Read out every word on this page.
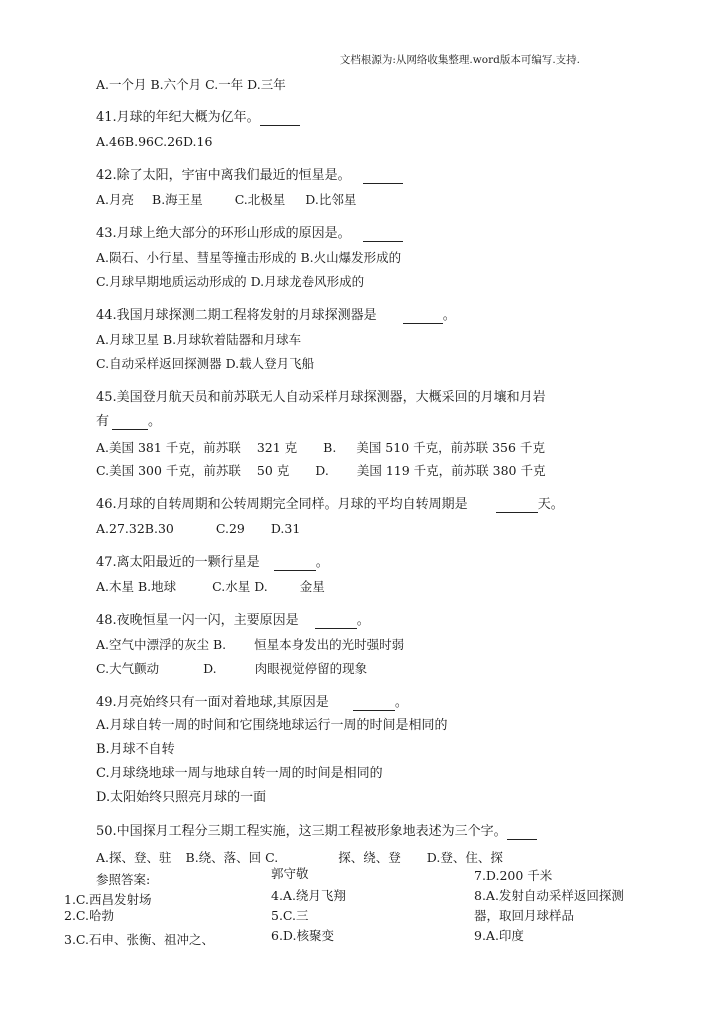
文档根源为:从网络收集整理.word版本可编写.支持.
A.一个月 B.六个月 C.一年 D.三年
41.月球的年纪大概为亿年。
A.46B.96C.26D.16
42.除了太阳，宇宙中离我们最近的恒星是。
A.月亮 B.海王星	C.北极星 D.比邻星
43.月球上绝大部分的环形山形成的原因是。
A.陨石、小行星、彗星等撞击形成的 B.火山爆发形成的
C.月球早期地质运动形成的 D.月球龙卷风形成的
44.我国月球探测二期工程将发射的月球探测器是	。
A.月球卫星 B.月球软着陆器和月球车
C.自动采样返回探测器 D.载人登月飞船
45.美国登月航天员和前苏联无人自动采样月球探测器，大概采回的月壤和月岩
有	。
A.美国 381 千克，前苏联 321 克 B. 美国 510 千克，前苏联 356 千克
C.美国 300 千克，前苏联 50 克 D. 美国 119 千克，前苏联 380 千克
46.月球的自转周期和公转周期完全同样。月球的平均自转周期是	天。
A.27.32B.30	C.29 D.31
47.离太阳最近的一颗行星是	。
A.木星 B.地球	C.水星 D.	金星
48.夜晚恒星一闪一闪，主要原因是	。
A.空气中漂浮的灰尘 B. 恒星本身发出的光时强时弱
C.大气颤动	D.	肉眼视觉停留的现象
49.月亮始终只有一面对着地球,其原因是	。
A.月球自转一周的时间和它围绕地球运行一周的时间是相同的
B.月球不自转
C.月球绕地球一周与地球自转一周的时间是相同的
D.太阳始终只照亮月球的一面
50.中国探月工程分三期工程实施，这三期工程被形象地表述为三个字。
A.探、登、驻 B.绕、落、回 C.	探、绕、登 D.登、住、探
参照答案:
1.C.西昌发射场
2.C.哈勃
3.C.石申、张衡、祖冲之、
郭守敬
4.A.绕月飞翔
5.C.三
6.D.核聚变
7.D.200 千米
8.A.发射自动采样返回探测
器，取回月球样品
9.A.印度
